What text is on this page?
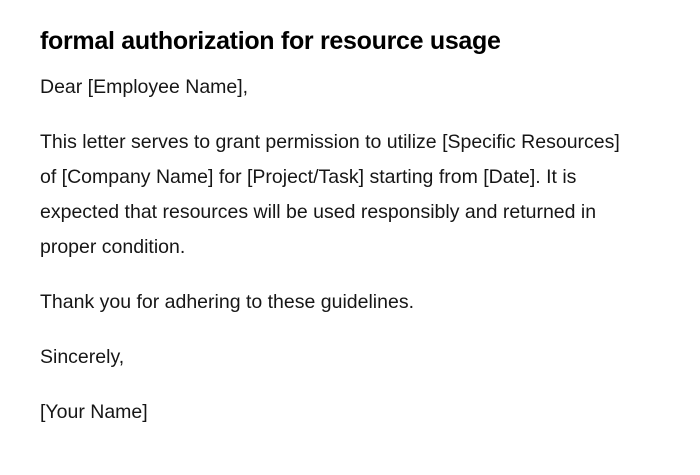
formal authorization for resource usage

Dear [Employee Name],

This letter serves to grant permission to utilize [Specific Resources] of [Company Name] for [Project/Task] starting from [Date]. It is expected that resources will be used responsibly and returned in proper condition.

Thank you for adhering to these guidelines.

Sincerely,

[Your Name]
